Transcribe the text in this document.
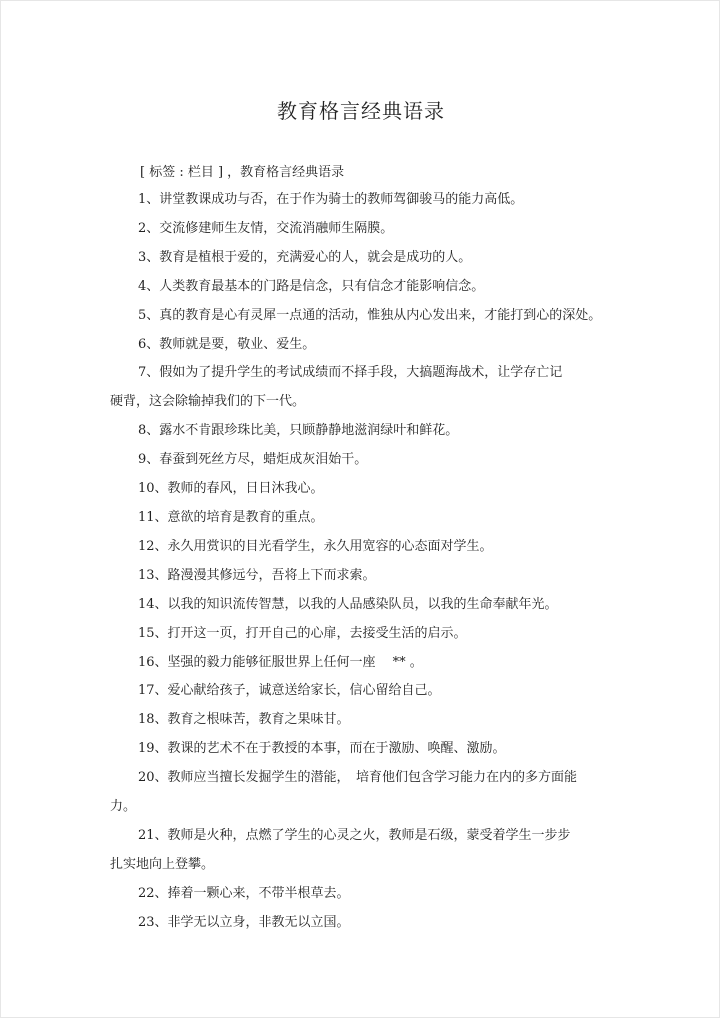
教育格言经典语录
[ 标签 : 栏目 ] ，教育格言经典语录
1、讲堂教课成功与否，在于作为骑士的教师驾御骏马的能力高低。
2、交流修建师生友情，交流消融师生隔膜。
3、教育是植根于爱的，充满爱心的人，就会是成功的人。
4、人类教育最基本的门路是信念，只有信念才能影响信念。
5、真的教育是心有灵犀一点通的活动，惟独从内心发出来，才能打到心的深处。
6、教师就是要，敬业、爱生。
7、假如为了提升学生的考试成绩而不择手段，大搞题海战术，让学存亡记
硬背，这会除输掉我们的下一代。
8、露水不肯跟珍珠比美，只顾静静地滋润绿叶和鲜花。
9、春蚕到死丝方尽，蜡炬成灰泪始干。
10、教师的春风，日日沐我心。
11、意欲的培育是教育的重点。
12、永久用赏识的目光看学生，永久用宽容的心态面对学生。
13、路漫漫其修远兮，吾将上下而求索。
14、以我的知识流传智慧，以我的人品感染队员，以我的生命奉献年光。
15、打开这一页，打开自己的心扉，去接受生活的启示。
16、坚强的毅力能够征服世界上任何一座　 ** 。
17、爱心献给孩子，诚意送给家长，信心留给自己。
18、教育之根味苦，教育之果味甘。
19、教课的艺术不在于教授的本事，而在于激励、唤醒、激励。
20、教师应当擅长发掘学生的潜能，　培育他们包含学习能力在内的多方面能
力。
21、教师是火种，点燃了学生的心灵之火，教师是石级，蒙受着学生一步步
扎实地向上登攀。
22、捧着一颗心来，不带半根草去。
23、非学无以立身，非教无以立国。
